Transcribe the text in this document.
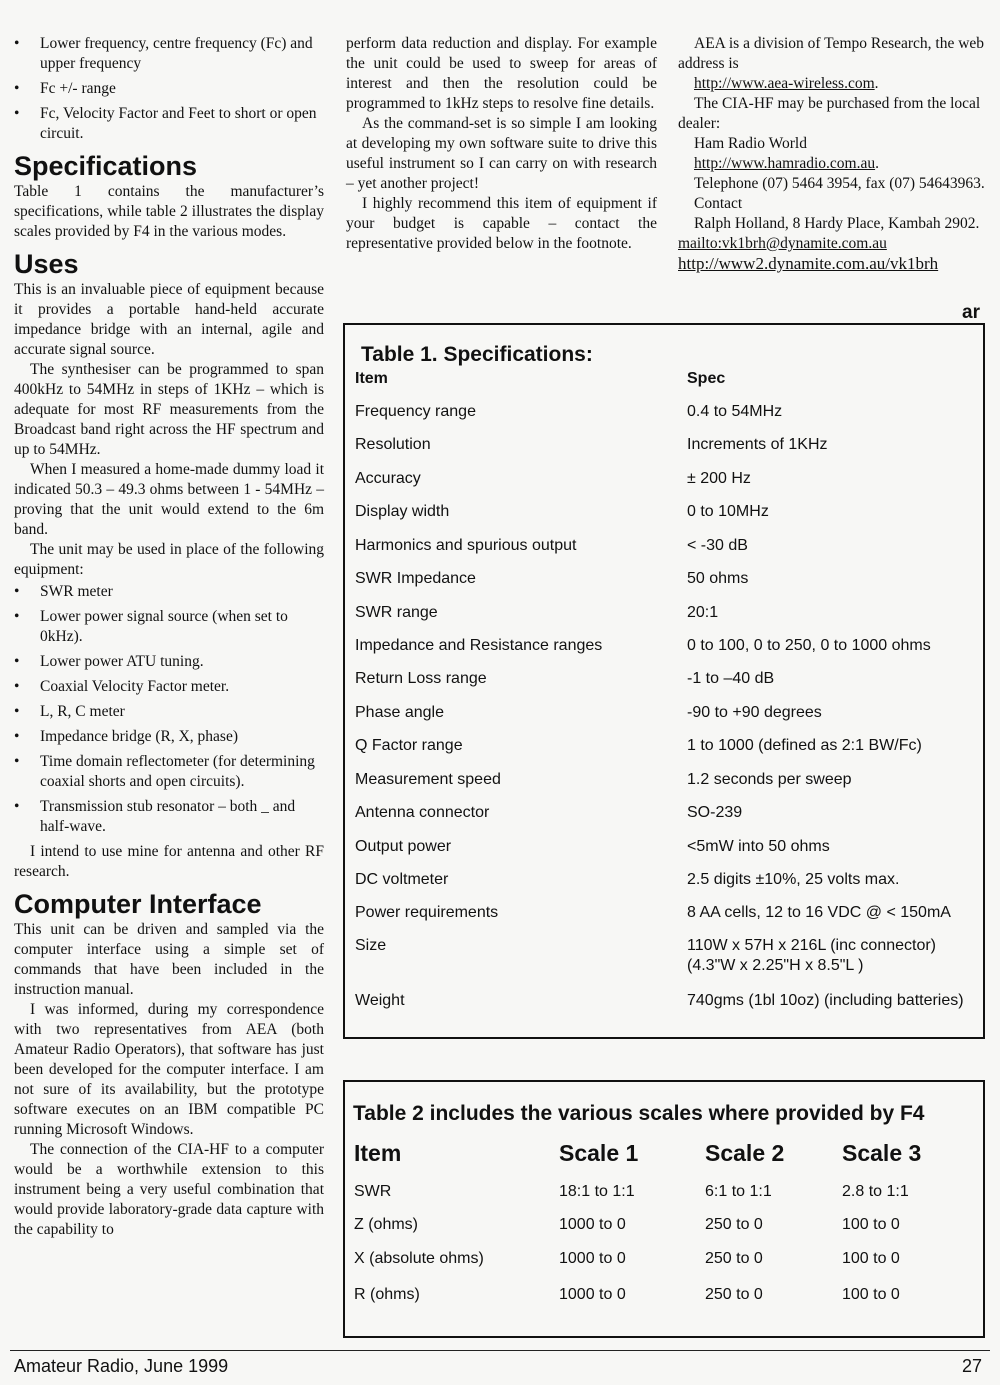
• Lower frequency, centre frequency (Fc) and upper frequency
• Fc +/- range
• Fc, Velocity Factor and Feet to short or open circuit.
Specifications

Table 1 contains the manufacturer’s specifications, while table 2 illustrates the display scales provided by F4 in the various modes.

Uses

This is an invaluable piece of equipment because it provides a portable hand-held accurate impedance bridge with an internal, agile and accurate signal source.

The synthesiser can be programmed to span 400kHz to 54MHz in steps of 1KHz – which is adequate for most RF measurements from the Broadcast band right across the HF spectrum and up to 54MHz.

When I measured a home-made dummy load it indicated 50.3 – 49.3 ohms between 1 - 54MHz – proving that the unit would extend to the 6m band.

The unit may be used in place of the following equipment:

• SWR meter
• Lower power signal source (when set to 0kHz).
• Lower power ATU tuning.
• Coaxial Velocity Factor meter.
• L, R, C meter
• Impedance bridge (R, X, phase)
• Time domain reflectometer (for determining coaxial shorts and open circuits).
• Transmission stub resonator – both _ and half-wave.

I intend to use mine for antenna and other RF research.

Computer Interface

This unit can be driven and sampled via the computer interface using a simple set of commands that have been included in the instruction manual.

I was informed, during my correspondence with two representatives from AEA (both Amateur Radio Operators), that software has just been developed for the computer interface. I am not sure of its availability, but the prototype software executes on an IBM compatible PC running Microsoft Windows.

The connection of the CIA-HF to a computer would be a worthwhile extension to this instrument being a very useful combination that would provide laboratory-grade data capture with the capability to

perform data reduction and display. For example the unit could be used to sweep for areas of interest and then the resolution could be programmed to 1kHz steps to resolve fine details.

As the command-set is so simple I am looking at developing my own software suite to drive this useful instrument so I can carry on with research – yet another project!

I highly recommend this item of equipment if your budget is capable – contact the representative provided below in the footnote.

AEA is a division of Tempo Research, the web address is

http://www.aea-wireless.com.

The CIA-HF may be purchased from the local dealer:

Ham Radio World
http://www.hamradio.com.au.

Telephone (07) 5464 3954, fax (07) 54643963.

Contact

Ralph Holland, 8 Hardy Place, Kambah 2902. mailto:vk1brh@dynamite.com.au

http://www2.dynamite.com.au/vk1brh
ar
Table 1. Specifications:
Item	Spec
Frequency range	0.4 to 54MHz
Resolution	Increments of 1KHz
Accuracy	± 200 Hz
Display width	0 to 10MHz
Harmonics and spurious output	< -30 dB
SWR Impedance	50 ohms
SWR range	20:1
Impedance and Resistance ranges	0 to 100, 0 to 250, 0 to 1000 ohms
Return Loss range	-1 to –40 dB
Phase angle	-90 to +90 degrees
Q Factor range	1 to 1000 (defined as 2:1 BW/Fc)
Measurement speed	1.2 seconds per sweep
Antenna connector	SO-239
Output power	<5mW into 50 ohms
DC voltmeter	2.5 digits ±10%, 25 volts max.
Power requirements	8 AA cells, 12 to 16 VDC @ < 150mA
Size	110W x 57H x 216L (inc connector)
(4.3"W x 2.25"H x 8.5"L )
Weight	740gms (1bl 10oz) (including batteries)
Table 2 includes the various scales where provided by F4
Item	Scale 1	Scale 2	Scale 3
SWR	18:1 to 1:1	6:1 to 1:1	2.8 to 1:1
Z (ohms)	1000 to 0	250 to 0	100 to 0
X (absolute ohms)	1000 to 0	250 to 0	100 to 0
R (ohms)	1000 to 0	250 to 0	100 to 0
Amateur Radio, June 1999	27
